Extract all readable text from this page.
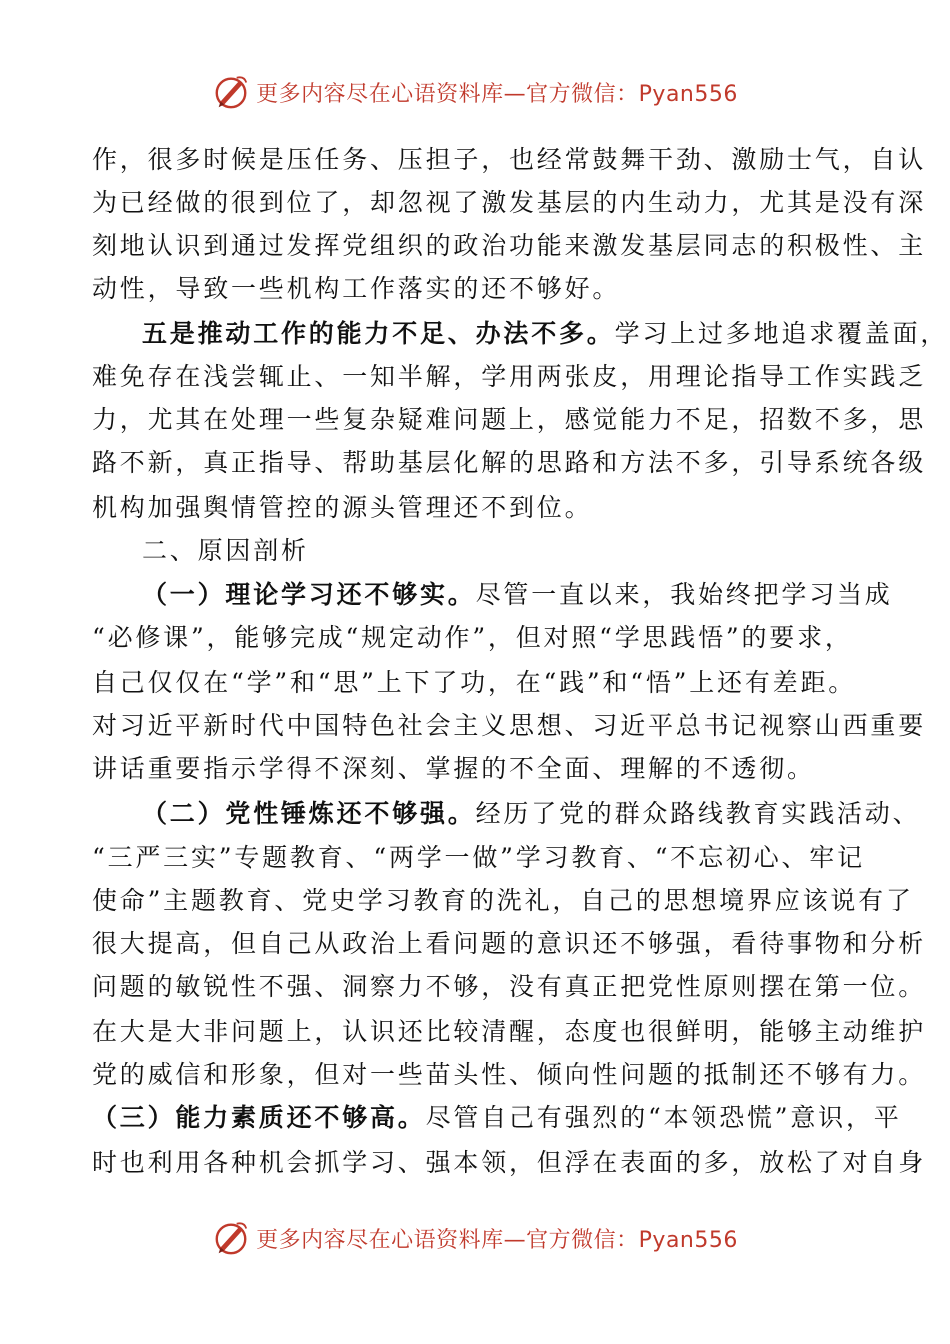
更多内容尽在心语资料库—官方微信：Pyan556
作，很多时候是压任务、压担子，也经常鼓舞干劲、激励士气，自认
为已经做的很到位了，却忽视了激发基层的内生动力，尤其是没有深
刻地认识到通过发挥党组织的政治功能来激发基层同志的积极性、主
动性，导致一些机构工作落实的还不够好。
五是推动工作的能力不足、办法不多。学习上过多地追求覆盖面，
难免存在浅尝辄止、一知半解，学用两张皮，用理论指导工作实践乏
力，尤其在处理一些复杂疑难问题上，感觉能力不足，招数不多，思
路不新，真正指导、帮助基层化解的思路和方法不多，引导系统各级
机构加强舆情管控的源头管理还不到位。
二、原因剖析
（一）理论学习还不够实。尽管一直以来，我始终把学习当成
“必修课”，能够完成“规定动作”，但对照“学思践悟”的要求，
自己仅仅在“学”和“思”上下了功，在“践”和“悟”上还有差距。
对习近平新时代中国特色社会主义思想、习近平总书记视察山西重要
讲话重要指示学得不深刻、掌握的不全面、理解的不透彻。
（二）党性锤炼还不够强。经历了党的群众路线教育实践活动、
“三严三实”专题教育、“两学一做”学习教育、“不忘初心、牢记
使命”主题教育、党史学习教育的洗礼，自己的思想境界应该说有了
很大提高，但自己从政治上看问题的意识还不够强，看待事物和分析
问题的敏锐性不强、洞察力不够，没有真正把党性原则摆在第一位。
在大是大非问题上，认识还比较清醒，态度也很鲜明，能够主动维护
党的威信和形象，但对一些苗头性、倾向性问题的抵制还不够有力。
（三）能力素质还不够高。尽管自己有强烈的“本领恐慌”意识，平
时也利用各种机会抓学习、强本领，但浮在表面的多，放松了对自身
更多内容尽在心语资料库—官方微信：Pyan556
